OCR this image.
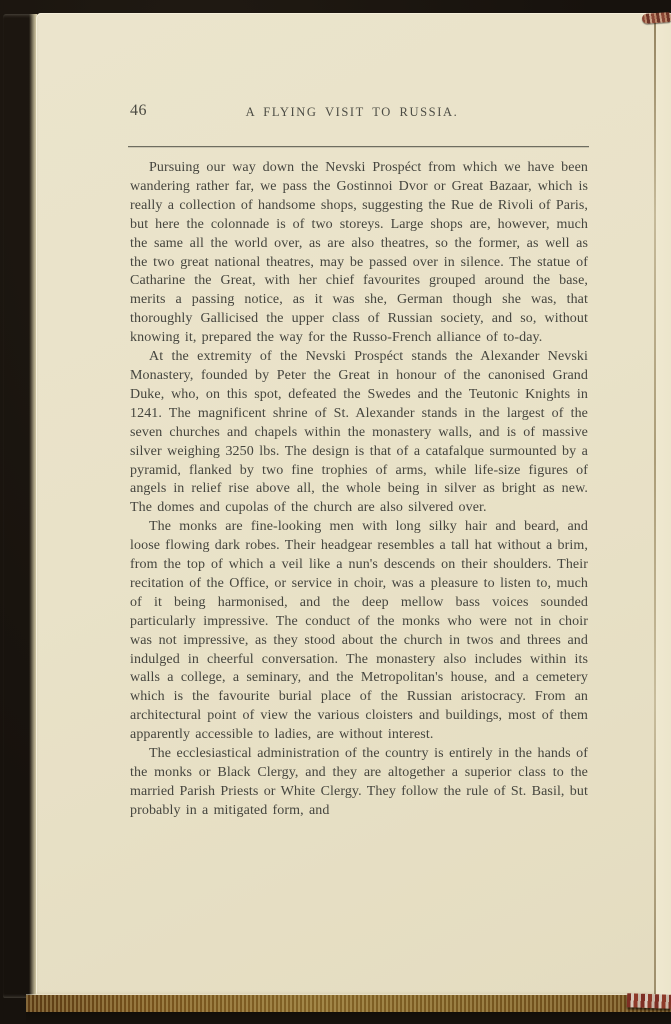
46	A FLYING VISIT TO RUSSIA.

Pursuing our way down the Nevski Prospéct from which we have been wandering rather far, we pass the Gostinnoi Dvor or Great Bazaar, which is really a collection of handsome shops, suggesting the Rue de Rivoli of Paris, but here the colonnade is of two storeys. Large shops are, however, much the same all the world over, as are also theatres, so the former, as well as the two great national theatres, may be passed over in silence. The statue of Catharine the Great, with her chief favourites grouped around the base, merits a passing notice, as it was she, German though she was, that thoroughly Gallicised the upper class of Russian society, and so, without knowing it, prepared the way for the Russo-French alliance of to-day.

At the extremity of the Nevski Prospéct stands the Alexander Nevski Monastery, founded by Peter the Great in honour of the canonised Grand Duke, who, on this spot, defeated the Swedes and the Teutonic Knights in 1241. The magnificent shrine of St. Alexander stands in the largest of the seven churches and chapels within the monastery walls, and is of massive silver weighing 3250 lbs. The design is that of a catafalque surmounted by a pyramid, flanked by two fine trophies of arms, while life-size figures of angels in relief rise above all, the whole being in silver as bright as new. The domes and cupolas of the church are also silvered over.

The monks are fine-looking men with long silky hair and beard, and loose flowing dark robes. Their headgear resembles a tall hat without a brim, from the top of which a veil like a nun's descends on their shoulders. Their recitation of the Office, or service in choir, was a pleasure to listen to, much of it being harmonised, and the deep mellow bass voices sounded particularly impressive. The conduct of the monks who were not in choir was not impressive, as they stood about the church in twos and threes and indulged in cheerful conversation. The monastery also includes within its walls a college, a seminary, and the Metropolitan's house, and a cemetery which is the favourite burial place of the Russian aristocracy. From an architectural point of view the various cloisters and buildings, most of them apparently accessible to ladies, are without interest.

The ecclesiastical administration of the country is entirely in the hands of the monks or Black Clergy, and they are altogether a superior class to the married Parish Priests or White Clergy. They follow the rule of St. Basil, but probably in a mitigated form, and
